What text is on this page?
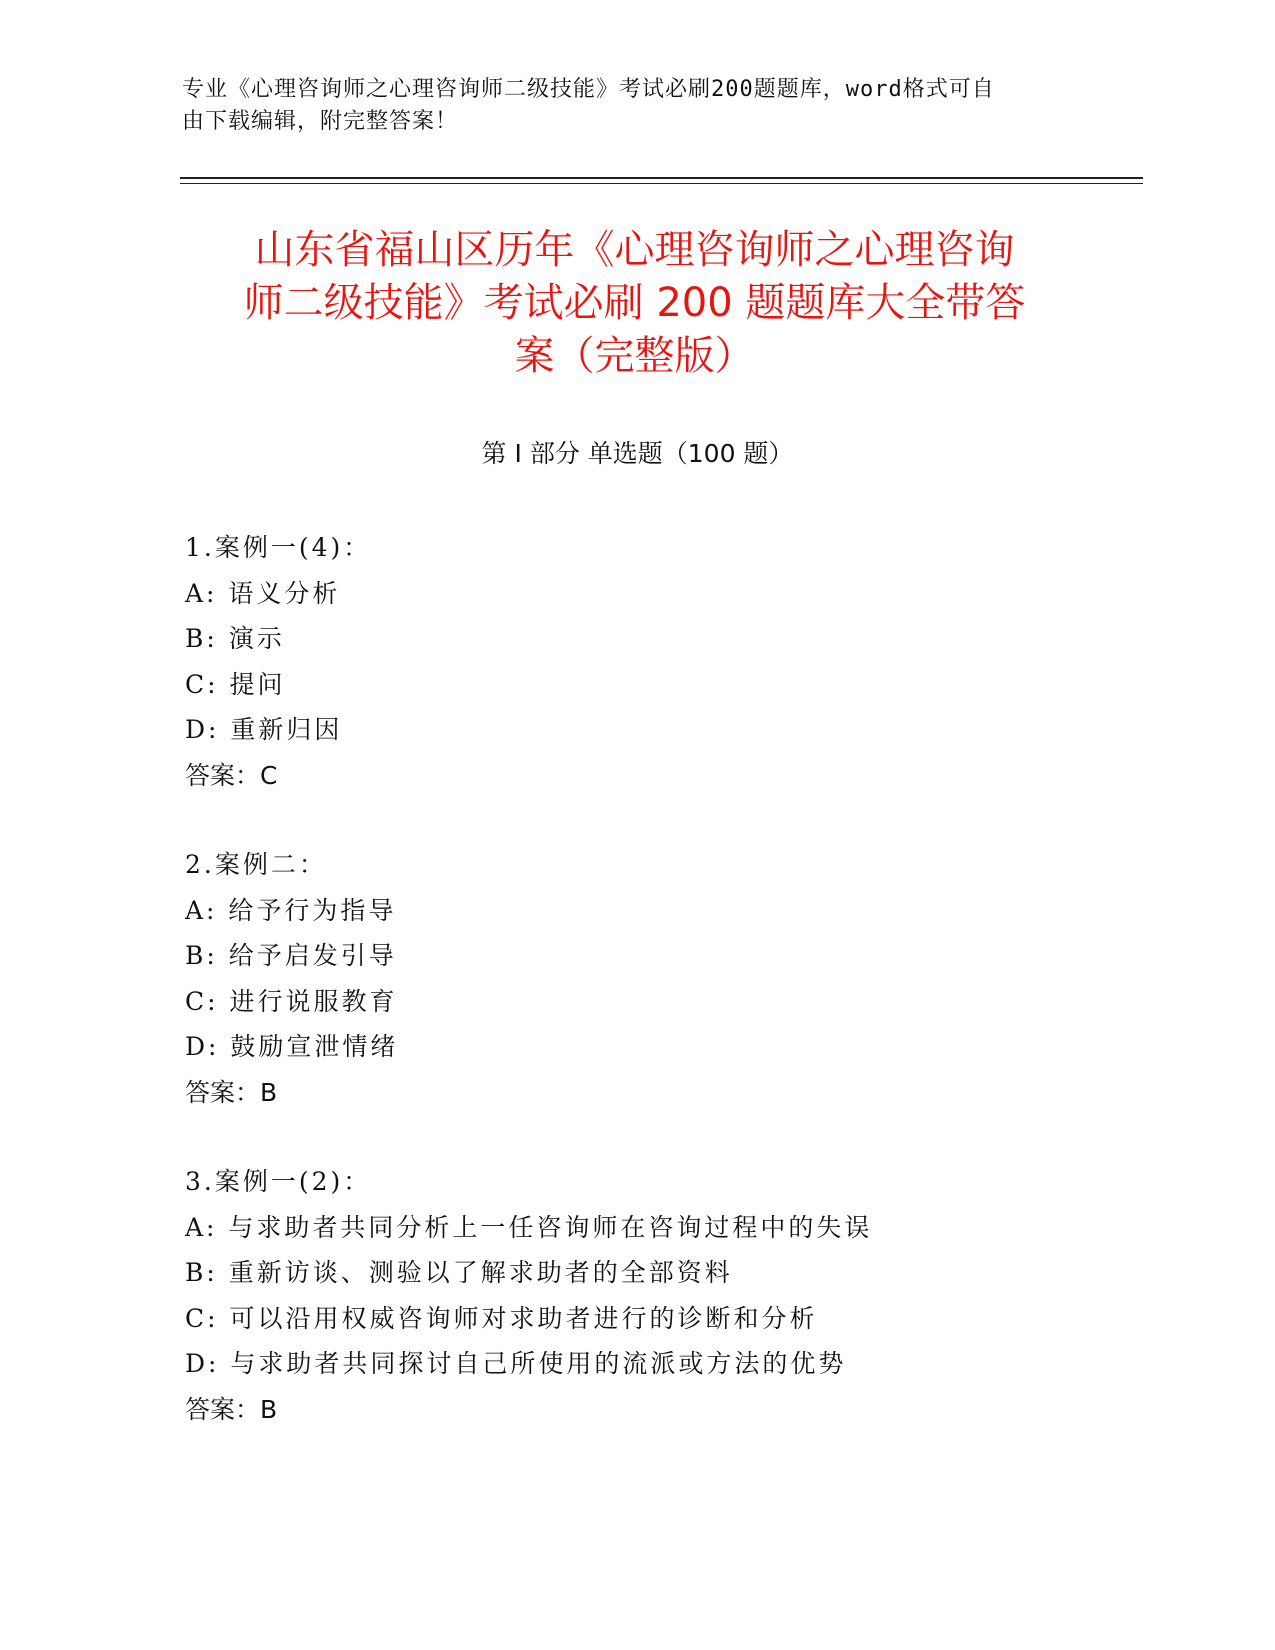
专业《心理咨询师之心理咨询师二级技能》考试必刷200题题库，word格式可自
由下载编辑，附完整答案！
山东省福山区历年《心理咨询师之心理咨询
师二级技能》考试必刷 200 题题库大全带答
案（完整版）
第 I 部分 单选题（100 题）
1.案例一(4)：
A: 语义分析
B: 演示
C: 提问
D: 重新归因
答案：C
2.案例二：
A: 给予行为指导
B: 给予启发引导
C: 进行说服教育
D: 鼓励宣泄情绪
答案：B
3.案例一(2)：
A: 与求助者共同分析上一任咨询师在咨询过程中的失误
B: 重新访谈、测验以了解求助者的全部资料
C: 可以沿用权威咨询师对求助者进行的诊断和分析
D: 与求助者共同探讨自己所使用的流派或方法的优势
答案：B
